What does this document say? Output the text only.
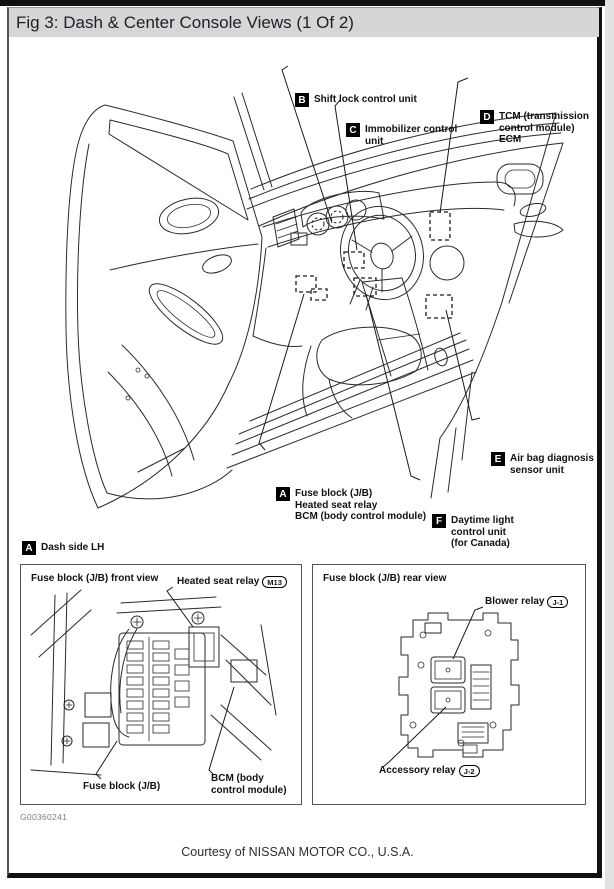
Fig 3: Dash & Center Console Views (1 Of 2)
B Shift lock control unit
C Immobilizer control
unit
D TCM (transmission
control module)
ECM
E Air bag diagnosis
sensor unit
A Fuse block (J/B)
Heated seat relay
BCM (body control module) F Daytime light
control unit
(for Canada)
A Dash side LH
Fuse block (J/B) front view Heated seat relay	M13
Fuse block (J/B)
BCM (body
control module)
Fuse block (J/B) rear view
Blower relay	J-1
Accessory relay	J-2
G00360241
Courtesy of NISSAN MOTOR CO., U.S.A.
